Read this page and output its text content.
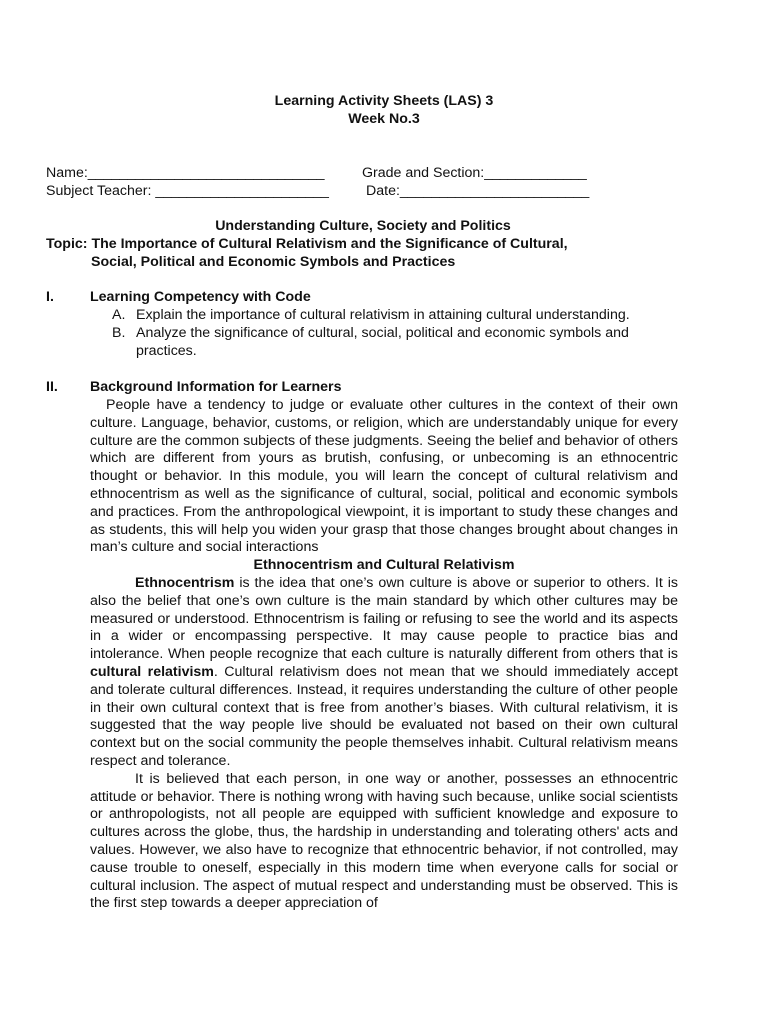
Learning Activity Sheets (LAS) 3
Week No.3
Name:______________________________	Grade and Section:_____________
Subject Teacher: ______________________	Date:________________________
Understanding Culture, Society and Politics
Topic: The Importance of Cultural Relativism and the Significance of Cultural,
Social, Political and Economic Symbols and Practices
I.	Learning Competency with Code
A. Explain the importance of cultural relativism in attaining cultural understanding.
B. Analyze the significance of cultural, social, political and economic symbols and practices.
II. Background Information for Learners

People have a tendency to judge or evaluate other cultures in the context of their own culture. Language, behavior, customs, or religion, which are understandably unique for every culture are the common subjects of these judgments. Seeing the belief and behavior of others which are different from yours as brutish, confusing, or unbecoming is an ethnocentric thought or behavior. In this module, you will learn the concept of cultural relativism and ethnocentrism as well as the significance of cultural, social, political and economic symbols and practices. From the anthropological viewpoint, it is important to study these changes and as students, this will help you widen your grasp that those changes brought about changes in man’s culture and social interactions

Ethnocentrism and Cultural Relativism

Ethnocentrism is the idea that one’s own culture is above or superior to others. It is also the belief that one’s own culture is the main standard by which other cultures may be measured or understood. Ethnocentrism is failing or refusing to see the world and its aspects in a wider or encompassing perspective. It may cause people to practice bias and intolerance. When people recognize that each culture is naturally different from others that is cultural relativism. Cultural relativism does not mean that we should immediately accept and tolerate cultural differences. Instead, it requires understanding the culture of other people in their own cultural context that is free from another’s biases. With cultural relativism, it is suggested that the way people live should be evaluated not based on their own cultural context but on the social community the people themselves inhabit. Cultural relativism means respect and tolerance.

It is believed that each person, in one way or another, possesses an ethnocentric attitude or behavior. There is nothing wrong with having such because, unlike social scientists or anthropologists, not all people are equipped with sufficient knowledge and exposure to cultures across the globe, thus, the hardship in understanding and tolerating others' acts and values. However, we also have to recognize that ethnocentric behavior, if not controlled, may cause trouble to oneself, especially in this modern time when everyone calls for social or cultural inclusion. The aspect of mutual respect and understanding must be observed. This is the first step towards a deeper appreciation of
